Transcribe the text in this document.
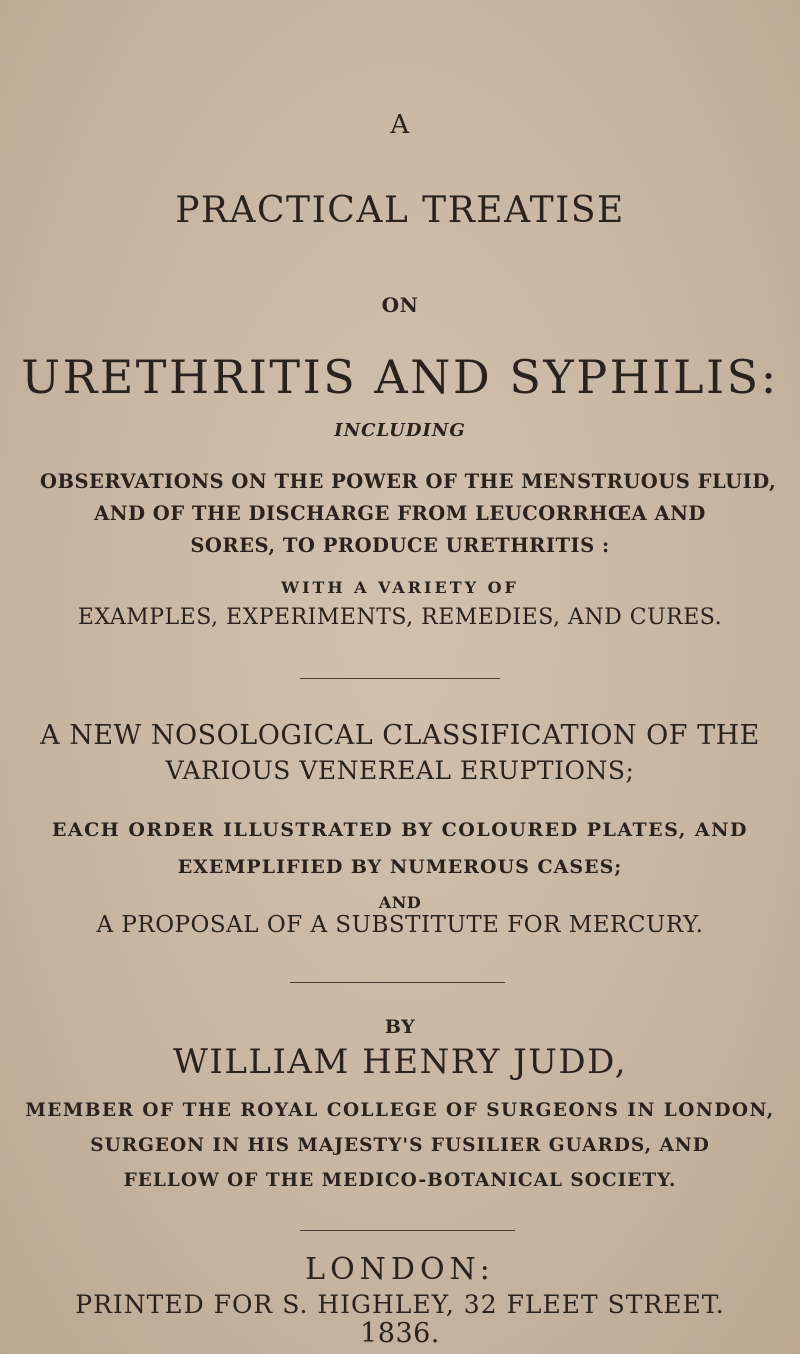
A
PRACTICAL TREATISE
ON
URETHRITIS AND SYPHILIS:
INCLUDING
OBSERVATIONS ON THE POWER OF THE MENSTRUOUS FLUID,
AND OF THE DISCHARGE FROM LEUCORRHŒA AND
SORES, TO PRODUCE URETHRITIS :
WITH A VARIETY OF
EXAMPLES, EXPERIMENTS, REMEDIES, AND CURES.
A NEW NOSOLOGICAL CLASSIFICATION OF THE
VARIOUS VENEREAL ERUPTIONS;
EACH ORDER ILLUSTRATED BY COLOURED PLATES, AND
EXEMPLIFIED BY NUMEROUS CASES;
AND
A PROPOSAL OF A SUBSTITUTE FOR MERCURY.
BY
WILLIAM HENRY JUDD,
MEMBER OF THE ROYAL COLLEGE OF SURGEONS IN LONDON,
SURGEON IN HIS MAJESTY'S FUSILIER GUARDS, AND
FELLOW OF THE MEDICO-BOTANICAL SOCIETY.
LONDON:
PRINTED FOR S. HIGHLEY, 32 FLEET STREET.
1836.
